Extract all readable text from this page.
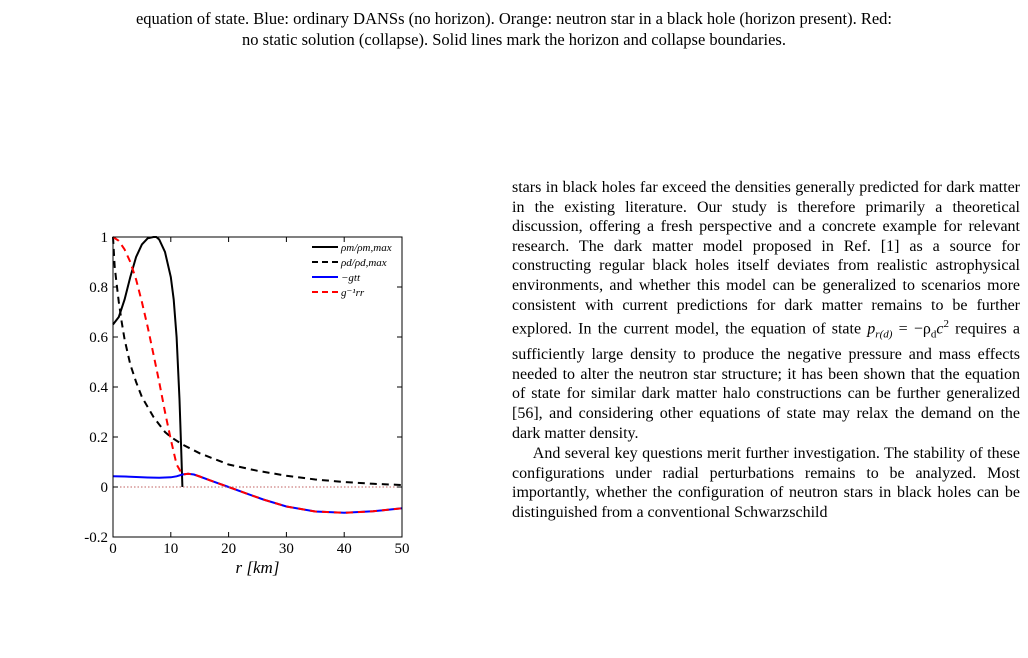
equation of state. Blue: ordinary DANSs (no horizon). Orange: neutron star in a black hole (horizon present). Red:
no static solution (collapse). Solid lines mark the horizon and collapse boundaries.
0	10	20	30	40	50
-0.2
0
0.2
0.4
0.6
0.8
1
r [km]
ρm/ρm,max
ρd/ρd,max
−gtt
g⁻¹rr

stars in black holes far exceed the densities generally predicted for dark matter in the existing literature. Our study is therefore primarily a theoretical discussion, offering a fresh perspective and a concrete example for relevant research. The dark matter model proposed in Ref. [1] as a source for constructing regular black holes itself deviates from realistic astrophysical environments, and whether this model can be generalized to scenarios more consistent with current predictions for dark matter remains to be further explored. In the current model, the equation of state $p_{r(d)} = -\rho_dc^2$ requires a sufficiently large density to produce the negative pressure and mass effects needed to alter the neutron star structure; it has been shown that the equation of state for similar dark matter halo constructions can be further generalized [56], and considering other equations of state may relax the demand on the dark matter density.

And several key questions merit further investigation. The stability of these configurations under radial perturbations remains to be analyzed. Most importantly, whether the configuration of neutron stars in black holes can be distinguished from a conventional Schwarzschild
